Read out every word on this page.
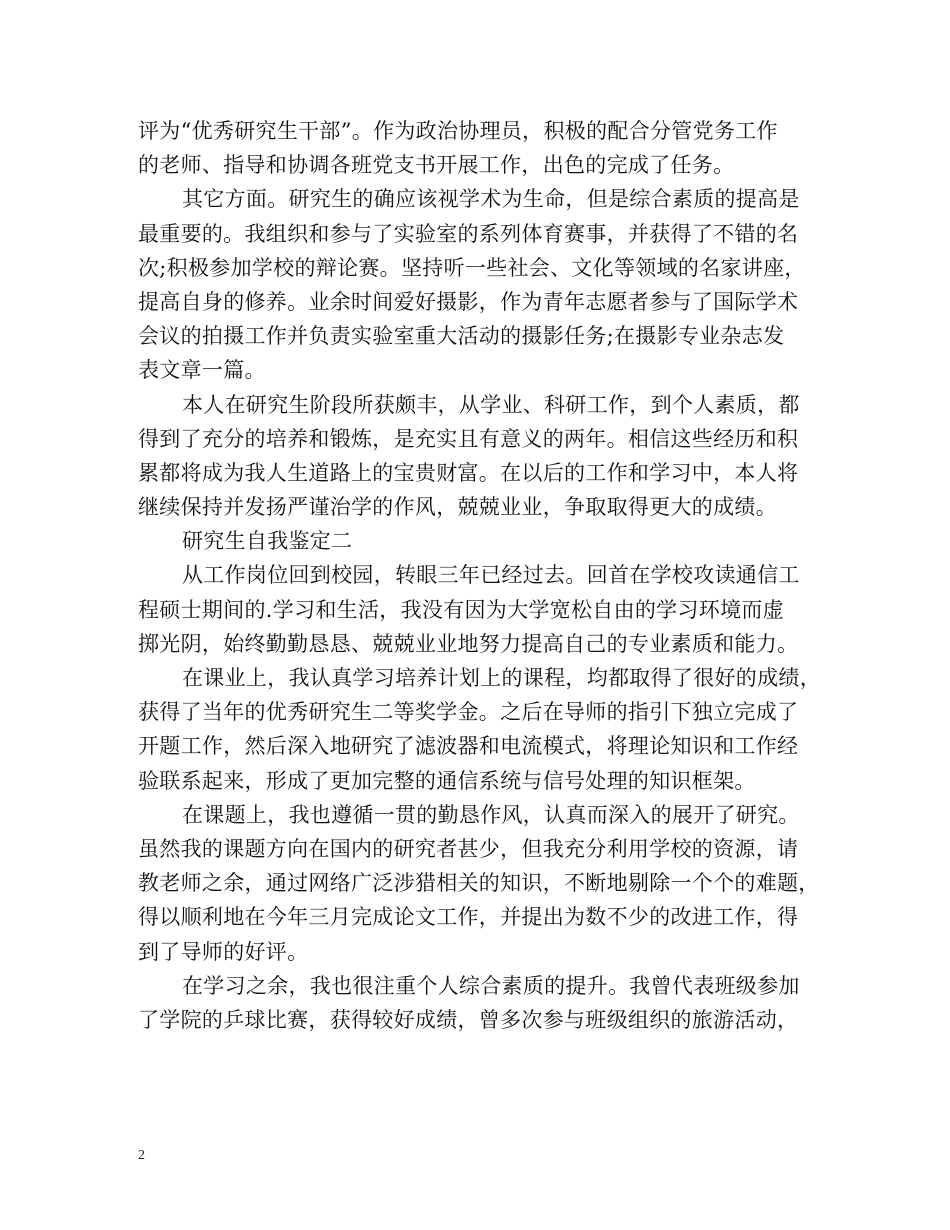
评为“优秀研究生干部”。作为政治协理员，积极的配合分管党务工作
的老师、指导和协调各班党支书开展工作，出色的完成了任务。
其它方面。研究生的确应该视学术为生命，但是综合素质的提高是
最重要的。我组织和参与了实验室的系列体育赛事，并获得了不错的名
次;积极参加学校的辩论赛。坚持听一些社会、文化等领域的名家讲座，
提高自身的修养。业余时间爱好摄影，作为青年志愿者参与了国际学术
会议的拍摄工作并负责实验室重大活动的摄影任务;在摄影专业杂志发
表文章一篇。
本人在研究生阶段所获颇丰，从学业、科研工作，到个人素质，都
得到了充分的培养和锻炼，是充实且有意义的两年。相信这些经历和积
累都将成为我人生道路上的宝贵财富。在以后的工作和学习中，本人将
继续保持并发扬严谨治学的作风，兢兢业业，争取取得更大的成绩。
研究生自我鉴定二
从工作岗位回到校园，转眼三年已经过去。回首在学校攻读通信工
程硕士期间的.学习和生活，我没有因为大学宽松自由的学习环境而虚
掷光阴，始终勤勤恳恳、兢兢业业地努力提高自己的专业素质和能力。
在课业上，我认真学习培养计划上的课程，均都取得了很好的成绩，
获得了当年的优秀研究生二等奖学金。之后在导师的指引下独立完成了
开题工作，然后深入地研究了滤波器和电流模式，将理论知识和工作经
验联系起来，形成了更加完整的通信系统与信号处理的知识框架。
在课题上，我也遵循一贯的勤恳作风，认真而深入的展开了研究。
虽然我的课题方向在国内的研究者甚少，但我充分利用学校的资源，请
教老师之余，通过网络广泛涉猎相关的知识，不断地剔除一个个的难题，
得以顺利地在今年三月完成论文工作，并提出为数不少的改进工作，得
到了导师的好评。
在学习之余，我也很注重个人综合素质的提升。我曾代表班级参加
了学院的乒球比赛，获得较好成绩，曾多次参与班级组织的旅游活动，
2
